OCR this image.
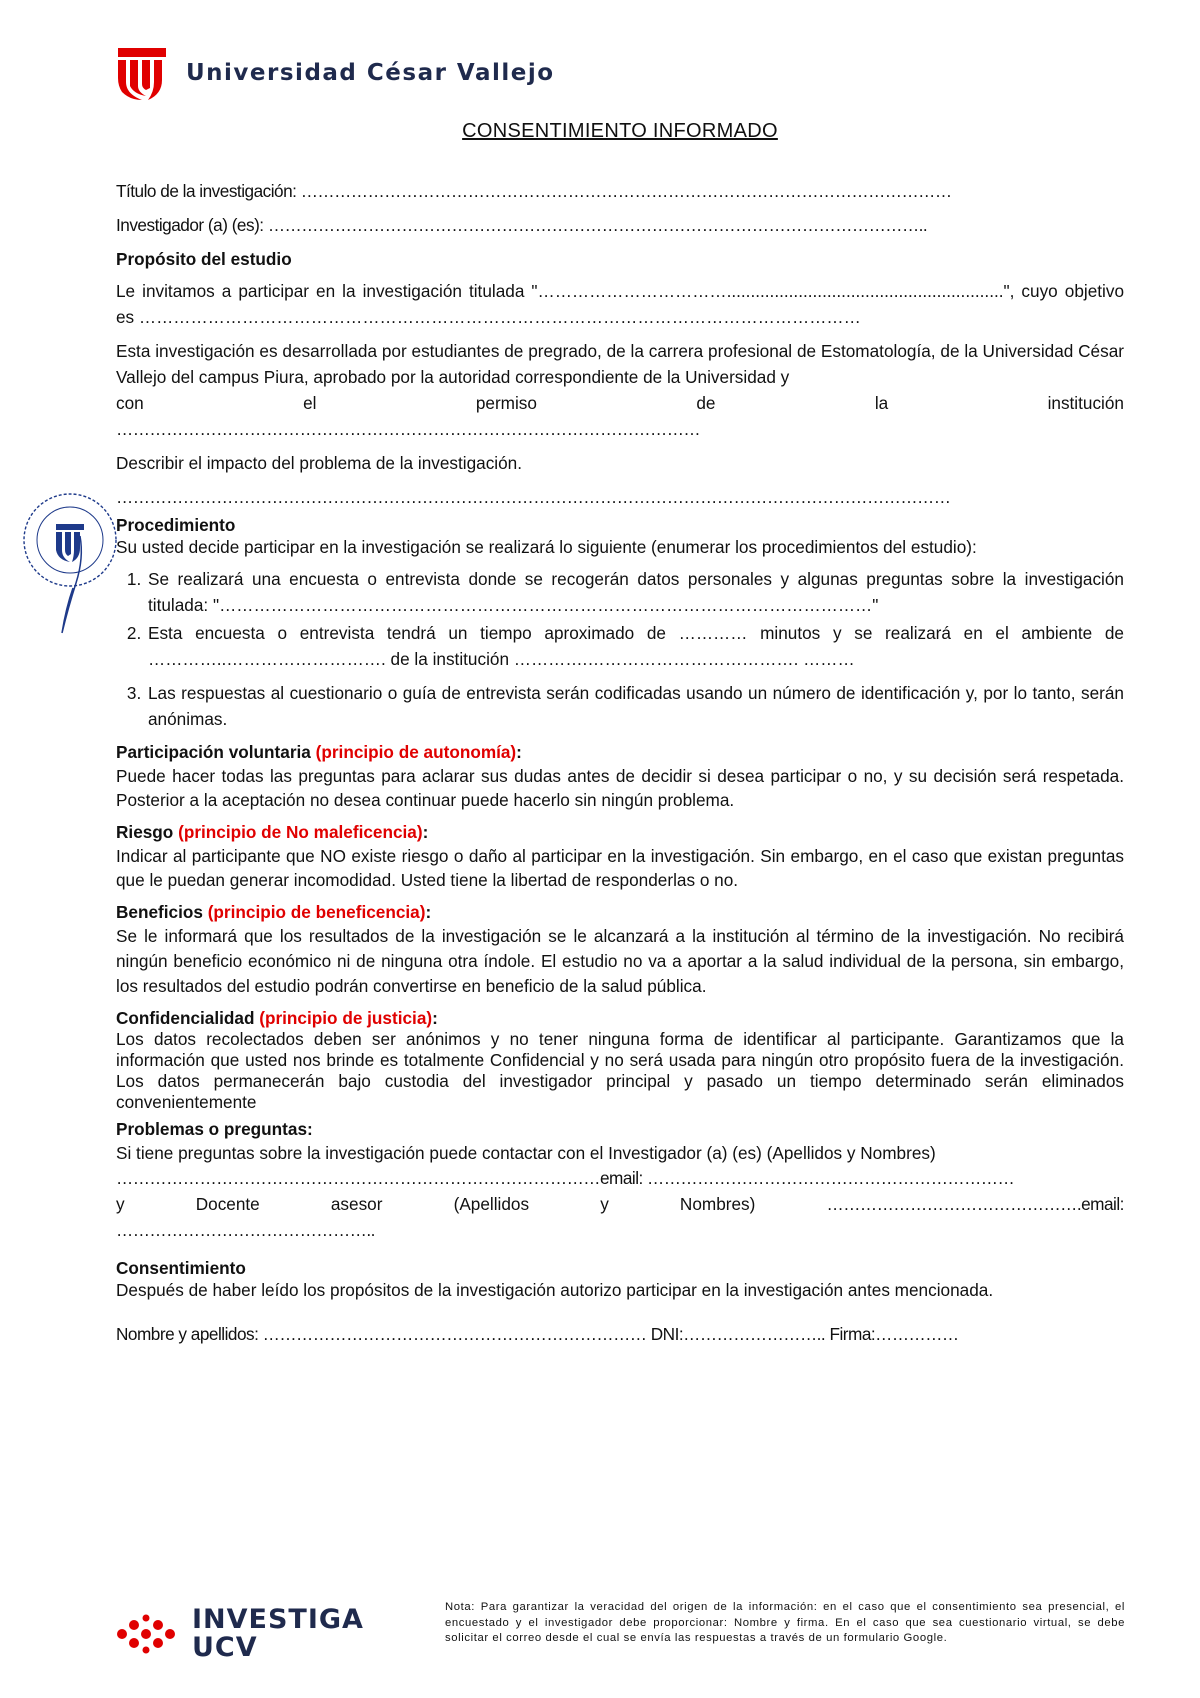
Universidad César Vallejo
CONSENTIMIENTO INFORMADO

Título de la investigación: ………………………………………………………………………………………………………

Investigador (a) (es): ………………………………………………………………………………………………………..

Propósito del estudio

Le invitamos a participar en la investigación titulada "……………………………..........................................................", cuyo objetivo es ………………………………………………………………………………………………………………

Esta investigación es desarrollada por estudiantes de pregrado, de la carrera profesional de Estomatología, de la Universidad César Vallejo del campus Piura, aprobado por la autoridad correspondiente de la Universidad y

con	el	permiso	de	la	institución

……………………………………………………………………………………………

Describir el impacto del problema de la investigación.

……………………………………………………………………………………………………………………………………

Procedimiento

Su usted decide participar en la investigación se realizará lo siguiente (enumerar los procedimientos del estudio):

1. Se realizará una encuesta o entrevista donde se recogerán datos personales y algunas preguntas sobre la investigación titulada: "……………………………………………………………………………………………………"
2. Esta encuesta o entrevista tendrá un tiempo aproximado de ………… minutos y se realizará en el ambiente de …………..………………………. de la institución ………….………………………………. ………
3. Las respuestas al cuestionario o guía de entrevista serán codificadas usando un número de identificación y, por lo tanto, serán anónimas.

Participación voluntaria (principio de autonomía):

Puede hacer todas las preguntas para aclarar sus dudas antes de decidir si desea participar o no, y su decisión será respetada. Posterior a la aceptación no desea continuar puede hacerlo sin ningún problema.

Riesgo (principio de No maleficencia):

Indicar al participante que NO existe riesgo o daño al participar en la investigación. Sin embargo, en el caso que existan preguntas que le puedan generar incomodidad. Usted tiene la libertad de responderlas o no.

Beneficios (principio de beneficencia):

Se le informará que los resultados de la investigación se le alcanzará a la institución al término de la investigación. No recibirá ningún beneficio económico ni de ninguna otra índole. El estudio no va a aportar a la salud individual de la persona, sin embargo, los resultados del estudio podrán convertirse en beneficio de la salud pública.

Confidencialidad (principio de justicia):

Los datos recolectados deben ser anónimos y no tener ninguna forma de identificar al participante. Garantizamos que la información que usted nos brinde es totalmente Confidencial y no será usada para ningún otro propósito fuera de la investigación. Los datos permanecerán bajo custodia del investigador principal y pasado un tiempo determinado serán eliminados convenientemente

Problemas o preguntas:

Si tiene preguntas sobre la investigación puede contactar con el Investigador (a) (es) (Apellidos y Nombres)

……………………………………………………………………………email: …………………………………………………………

y	Docente	asesor	(Apellidos	y	Nombres)	……………………………………….email:

………………………………………..

Consentimiento

Después de haber leído los propósitos de la investigación autorizo participar en la investigación antes mencionada.

Nombre y apellidos: …………………………………………………………… DNI:…………………….. Firma:……………

INVESTIGA
UCV
Nota: Para garantizar la veracidad del origen de la información: en el caso que el consentimiento sea presencial, el encuestado y el investigador debe proporcionar: Nombre y firma. En el caso que sea cuestionario virtual, se debe solicitar el correo desde el cual se envía las respuestas a través de un formulario Google.
